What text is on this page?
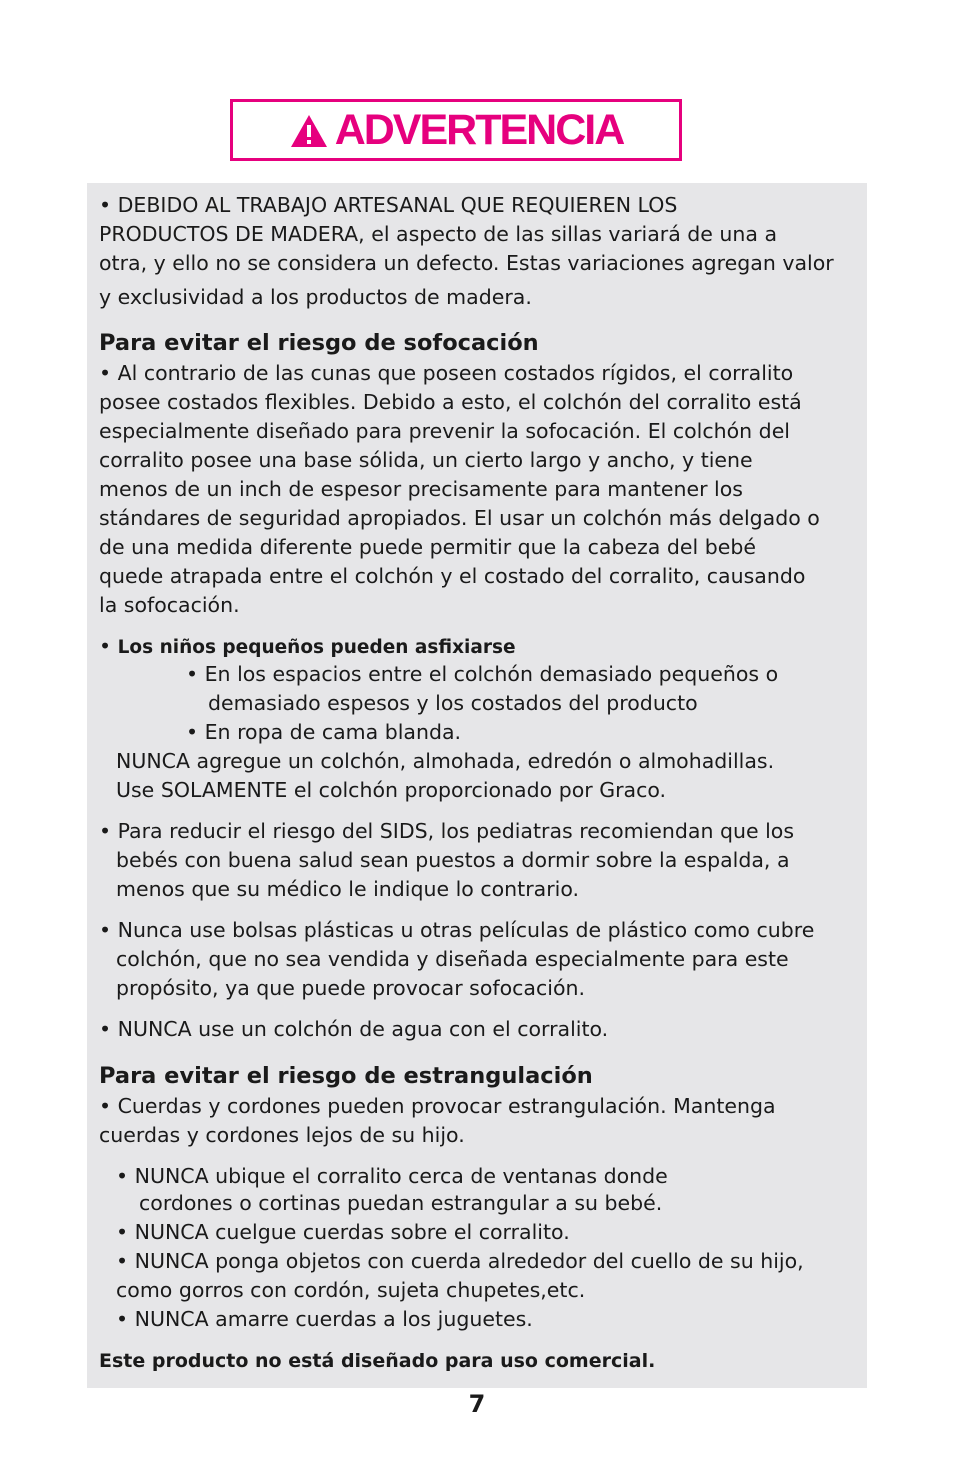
ADVERTENCIA

• DEBIDO AL TRABAJO ARTESANAL QUE REQUIEREN LOS

PRODUCTOS DE MADERA, el aspecto de las sillas variará de una a

otra, y ello no se considera un defecto. Estas variaciones agregan valor

y exclusividad a los productos de madera.

Para evitar el riesgo de sofocación

• Al contrario de las cunas que poseen costados rígidos, el corralito

posee costados flexibles. Debido a esto, el colchón del corralito está

especialmente diseñado para prevenir la sofocación. El colchón del

corralito posee una base sólida, un cierto largo y ancho, y tiene

menos de un inch de espesor precisamente para mantener los

stándares de seguridad apropiados. El usar un colchón más delgado o

de una medida diferente puede permitir que la cabeza del bebé

quede atrapada entre el colchón y el costado del corralito, causando

la sofocación.

• Los niños pequeños pueden asfixiarse

• En los espacios entre el colchón demasiado pequeños o

demasiado espesos y los costados del producto

• En ropa de cama blanda.

NUNCA agregue un colchón, almohada, edredón o almohadillas.

Use SOLAMENTE el colchón proporcionado por Graco.

• Para reducir el riesgo del SIDS, los pediatras recomiendan que los

bebés con buena salud sean puestos a dormir sobre la espalda, a

menos que su médico le indique lo contrario.

• Nunca use bolsas plásticas u otras películas de plástico como cubre

colchón, que no sea vendida y diseñada especialmente para este

propósito, ya que puede provocar sofocación.

• NUNCA use un colchón de agua con el corralito.

Para evitar el riesgo de estrangulación

• Cuerdas y cordones pueden provocar estrangulación. Mantenga

cuerdas y cordones lejos de su hijo.

• NUNCA ubique el corralito cerca de ventanas donde

cordones o cortinas puedan estrangular a su bebé.

• NUNCA cuelgue cuerdas sobre el corralito.

• NUNCA ponga objetos con cuerda alrededor del cuello de su hijo,

como gorros con cordón, sujeta chupetes,etc.

• NUNCA amarre cuerdas a los juguetes.

Este producto no está diseñado para uso comercial.

7
